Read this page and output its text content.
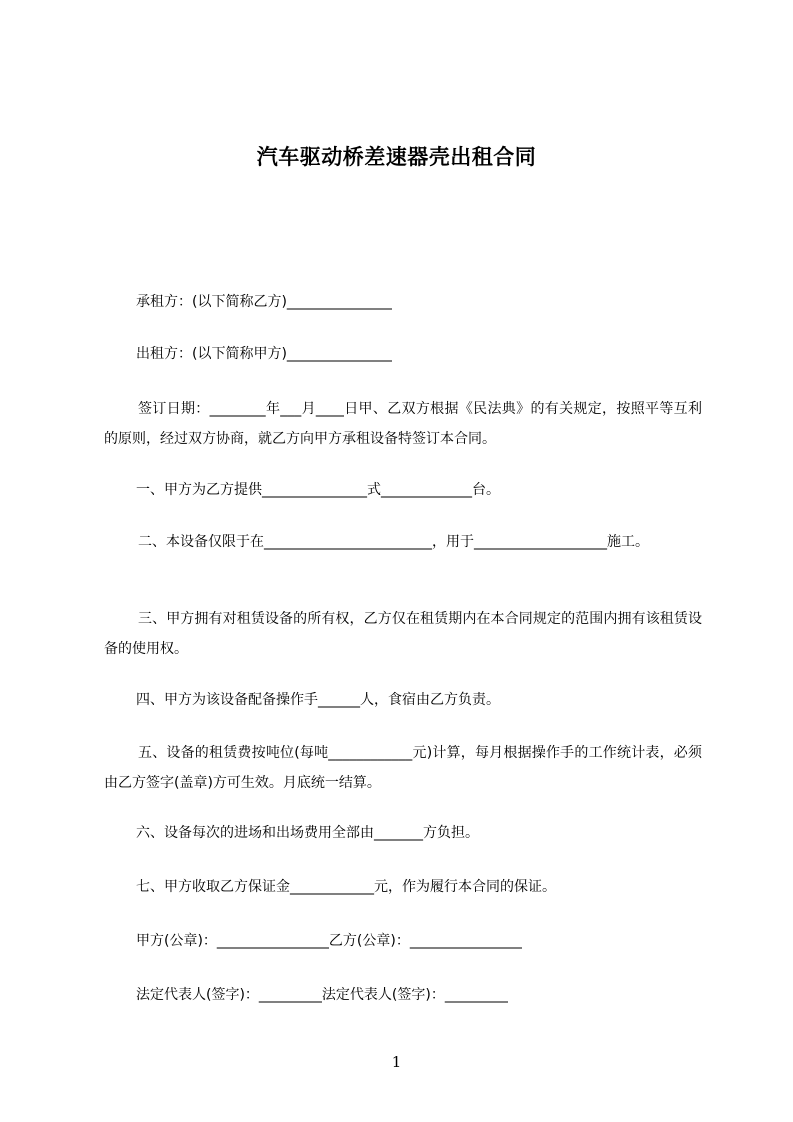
汽车驱动桥差速器壳出租合同
承租方：(以下简称乙方)_______________
出租方：(以下简称甲方)_______________
签订日期：________年___月____日甲、乙双方根据《民法典》的有关规定，按照平等互利的原则，经过双方协商，就乙方向甲方承租设备特签订本合同。
一、甲方为乙方提供_______________式_____________台。
二、本设备仅限于在________________________，用于___________________施工。
三、甲方拥有对租赁设备的所有权，乙方仅在租赁期内在本合同规定的范围内拥有该租赁设备的使用权。
四、甲方为该设备配备操作手______人，食宿由乙方负责。
五、设备的租赁费按吨位(每吨____________元)计算，每月根据操作手的工作统计表，必须由乙方签字(盖章)方可生效。月底统一结算。
六、设备每次的进场和出场费用全部由_______方负担。
七、甲方收取乙方保证金____________元，作为履行本合同的保证。
甲方(公章)：________________乙方(公章)：________________
法定代表人(签字)：_________法定代表人(签字)：_________
1
